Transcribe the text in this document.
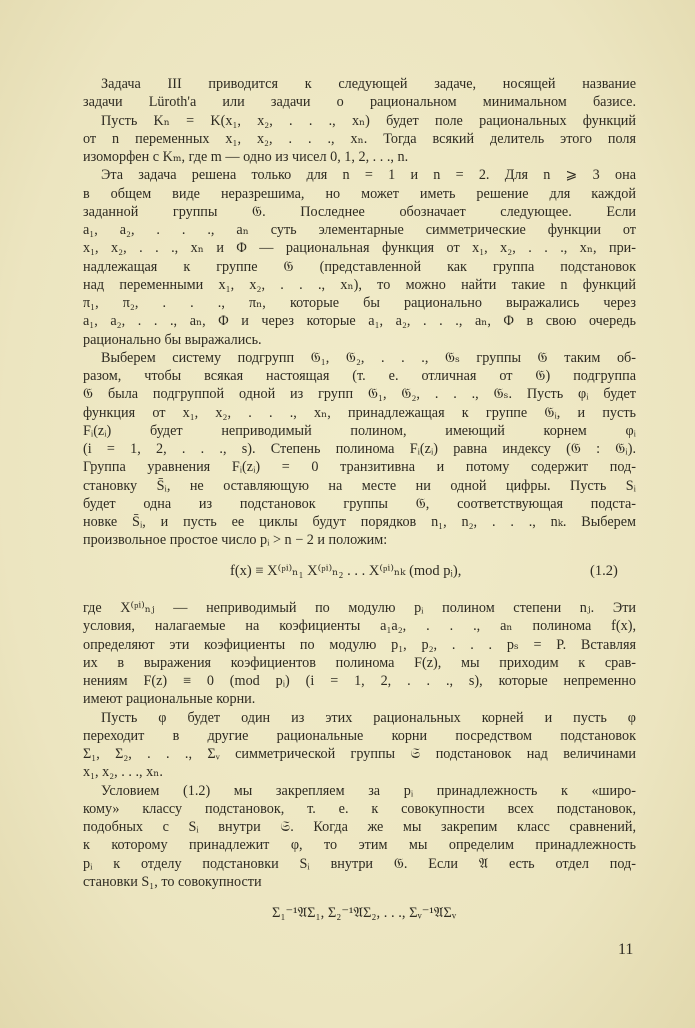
Задача III приводится к следующей задаче, носящей название
задачи Lüroth'a или задачи о рациональном минимальном базисе.
Пусть Kₙ = K(x₁, x₂, . . ., xₙ) будет поле рациональных функций
от n переменных x₁, x₂, . . ., xₙ. Тогда всякий делитель этого поля
изоморфен с Kₘ, где m — одно из чисел 0, 1, 2, . . ., n.
Эта задача решена только для n = 1 и n = 2. Для n ⩾ 3 она
в общем виде неразрешима, но может иметь решение для каждой
заданной группы 𝔊. Последнее обозначает следующее. Если
a₁, a₂, . . ., aₙ суть элементарные симметрические функции от
x₁, x₂, . . ., xₙ и Φ — рациональная функция от x₁, x₂, . . ., xₙ, при-
надлежащая к группе 𝔊 (представленной как группа подстановок
над переменными x₁, x₂, . . ., xₙ), то можно найти такие n функций
π₁, π₂, . . ., πₙ, которые бы рационально выражались через
a₁, a₂, . . ., aₙ, Φ и через которые a₁, a₂, . . ., aₙ, Φ в свою очередь
рационально бы выражались.
Выберем систему подгрупп 𝔊₁, 𝔊₂, . . ., 𝔊ₛ группы 𝔊 таким об-
разом, чтобы всякая настоящая (т. е. отличная от 𝔊) подгруппа
𝔊 была подгруппой одной из групп 𝔊₁, 𝔊₂, . . ., 𝔊ₛ. Пусть φᵢ будет
функция от x₁, x₂, . . ., xₙ, принадлежащая к группе 𝔊ᵢ, и пусть
Fᵢ(zᵢ) будет неприводимый полином, имеющий корнем φᵢ
(i = 1, 2, . . ., s). Степень полинома Fᵢ(zᵢ) равна индексу (𝔊 : 𝔊ᵢ).
Группа уравнения Fᵢ(zᵢ) = 0 транзитивна и потому содержит под-
становку S̄ᵢ, не оставляющую на месте ни одной цифры. Пусть Sᵢ
будет одна из подстановок группы 𝔊, соответствующая подста-
новке S̄ᵢ, и пусть ее циклы будут порядков n₁, n₂, . . ., nₖ. Выберем
произвольное простое число pᵢ > n − 2 и положим:
f(x) ≡ X⁽ᵖⁱ⁾ₙ₁ X⁽ᵖⁱ⁾ₙ₂ . . . X⁽ᵖⁱ⁾ₙₖ (mod pᵢ),	(1.2)
где X⁽ᵖⁱ⁾ₙⱼ — неприводимый по модулю pᵢ полином степени nⱼ. Эти
условия, налагаемые на коэфициенты a₁a₂, . . ., aₙ полинома f(x),
определяют эти коэфициенты по модулю p₁, p₂, . . . pₛ = P. Вставляя
их в выражения коэфициентов полинома F(z), мы приходим к срав-
нениям F(z) ≡ 0 (mod pᵢ) (i = 1, 2, . . ., s), которые непременно
имеют рациональные корни.
Пусть φ будет один из этих рациональных корней и пусть φ
переходит в другие рациональные корни посредством подстановок
Σ₁, Σ₂, . . ., Σᵥ симметрической группы 𝔖 подстановок над величинами
x₁, x₂, . . ., xₙ.
Условием (1.2) мы закрепляем за pᵢ принадлежность к «широ-
кому» классу подстановок, т. е. к совокупности всех подстановок,
подобных с Sᵢ внутри 𝔖. Когда же мы закрепим класс сравнений,
к которому принадлежит φ, то этим мы определим принадлежность
pᵢ к отделу подстановки Sᵢ внутри 𝔊. Если 𝔄 есть отдел под-
становки S₁, то совокупности
Σ₁⁻¹𝔄Σ₁, Σ₂⁻¹𝔄Σ₂, . . ., Σᵥ⁻¹𝔄Σᵥ
11
